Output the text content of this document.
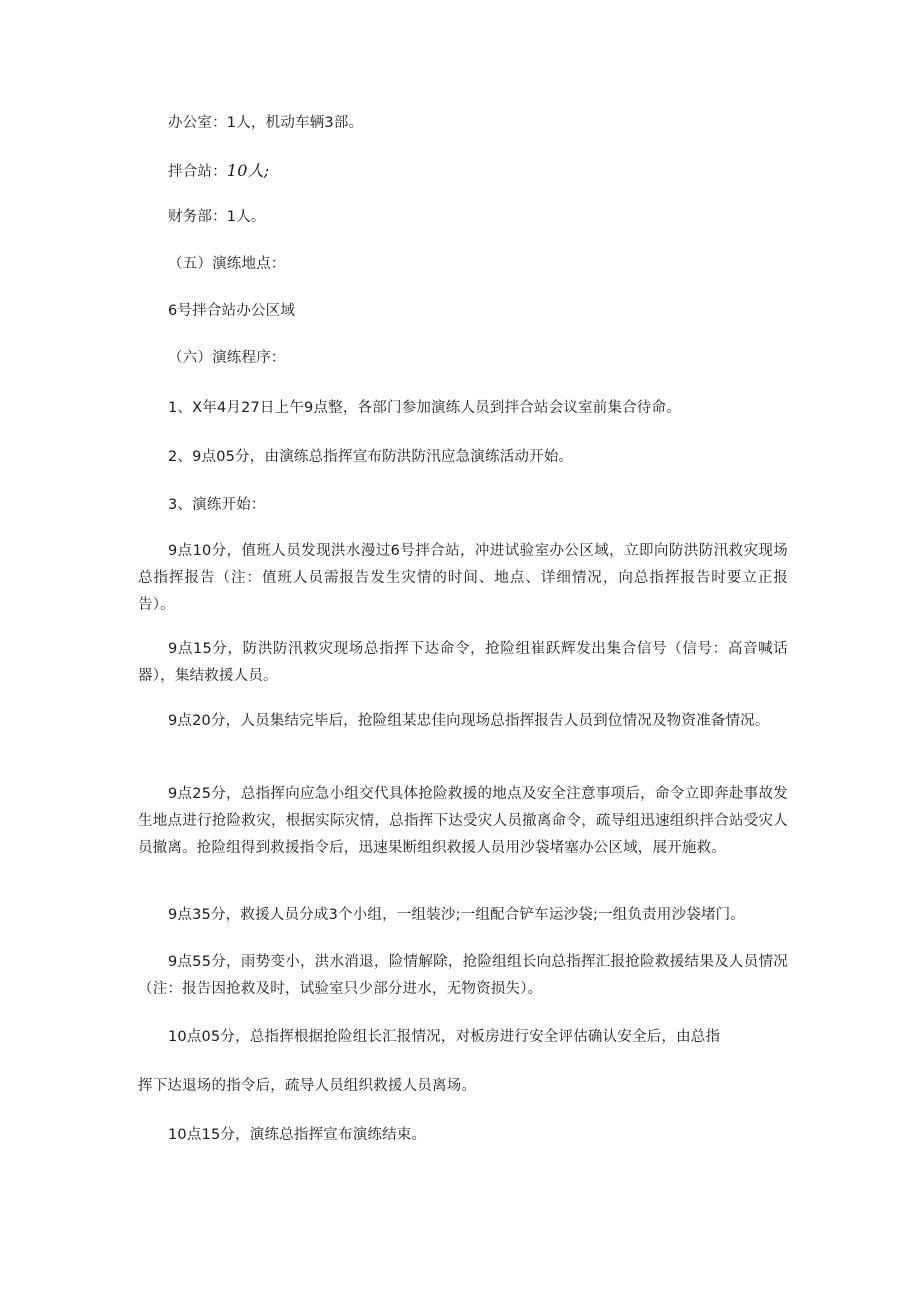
办公室：1人，机动车辆3部。
拌合站：10人;
财务部：1人。
（五）演练地点：
6号拌合站办公区域
（六）演练程序：
1、X年4月27日上午9点整，各部门参加演练人员到拌合站会议室前集合待命。
2、9点05分，由演练总指挥宣布防洪防汛应急演练活动开始。
3、演练开始：
9点10分，值班人员发现洪水漫过6号拌合站，冲进试验室办公区域，立即向防洪防汛救灾现场总指挥报告（注：值班人员需报告发生灾情的时间、地点、详细情况，向总指挥报告时要立正报告）。
9点15分，防洪防汛救灾现场总指挥下达命令，抢险组崔跃辉发出集合信号（信号：高音喊话器），集结救援人员。
9点20分，人员集结完毕后，抢险组某忠佳向现场总指挥报告人员到位情况及物资准备情况。
9点25分，总指挥向应急小组交代具体抢险救援的地点及安全注意事项后，命令立即奔赴事故发生地点进行抢险救灾，根据实际灾情，总指挥下达受灾人员撤离命令，疏导组迅速组织拌合站受灾人员撤离。抢险组得到救援指令后，迅速果断组织救援人员用沙袋堵塞办公区域，展开施救。
9点35分，救援人员分成3个小组，一组装沙;一组配合铲车运沙袋;一组负责用沙袋堵门。
9点55分，雨势变小，洪水消退，险情解除，抢险组组长向总指挥汇报抢险救援结果及人员情况（注：报告因抢救及时，试验室只少部分进水，无物资损失）。
10点05分，总指挥根据抢险组长汇报情况，对板房进行安全评估确认安全后，由总指
挥下达退场的指令后，疏导人员组织救援人员离场。
10点15分，演练总指挥宣布演练结束。
